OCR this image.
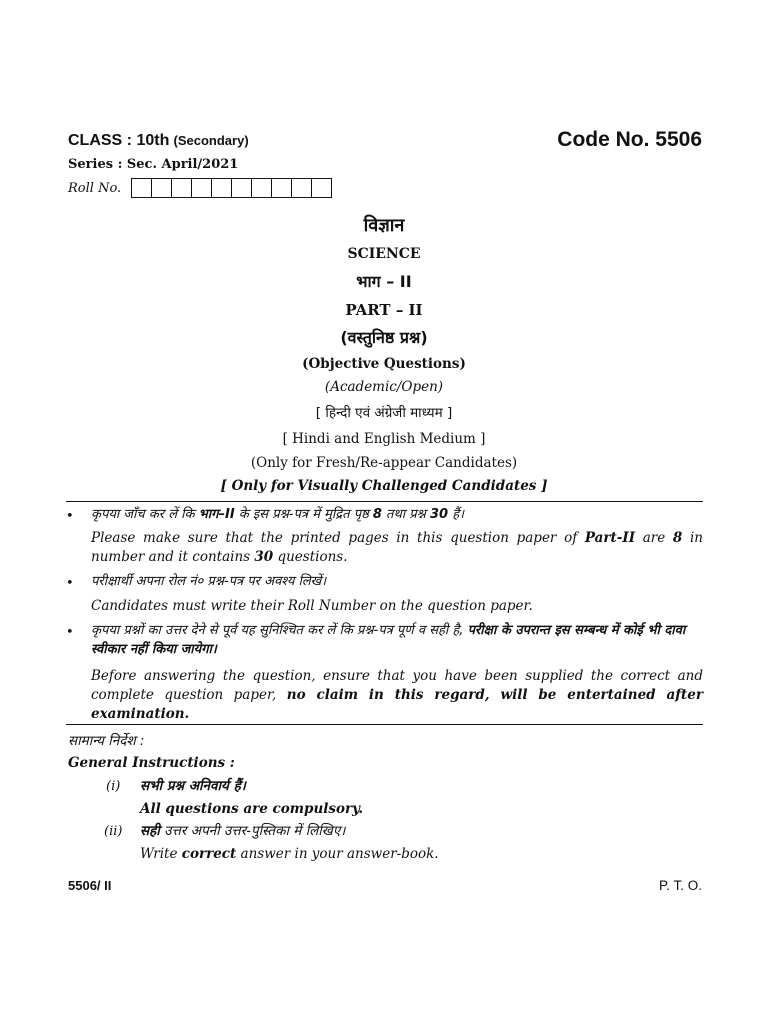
CLASS : 10th (Secondary)	Code No. 5506
Series : Sec. April/2021
Roll No.
विज्ञान
SCIENCE
भाग – II
PART – II
(वस्तुनिष्ठ प्रश्न)
(Objective Questions)
(Academic/Open)
[ हिन्दी एवं अंग्रेजी माध्यम ]
[ Hindi and English Medium ]
(Only for Fresh/Re-appear Candidates)
[ Only for Visually Challenged Candidates ]
• कृपया जाँच कर लें कि भाग–II के इस प्रश्न-पत्र में मुद्रित पृष्ठ 8 तथा प्रश्न 30 हैं।
Please make sure that the printed pages in this question paper of Part-II are 8 in number and it contains 30 questions.
• परीक्षार्थी अपना रोल नं० प्रश्न-पत्र पर अवश्य लिखें।
Candidates must write their Roll Number on the question paper.
• कृपया प्रश्नों का उत्तर देने से पूर्व यह सुनिश्चित कर लें कि प्रश्न-पत्र पूर्ण व सही है, परीक्षा के उपरान्त इस सम्बन्ध में कोई भी दावा स्वीकार नहीं किया जायेगा।
Before answering the question, ensure that you have been supplied the correct and complete question paper, no claim in this regard, will be entertained after examination.
सामान्य निर्देश :
General Instructions :
(i) सभी प्रश्न अनिवार्य हैं।
All questions are compulsory.
(ii) सही उत्तर अपनी उत्तर-पुस्तिका में लिखिए।
Write correct answer in your answer-book.
5506/ II	P. T. O.
